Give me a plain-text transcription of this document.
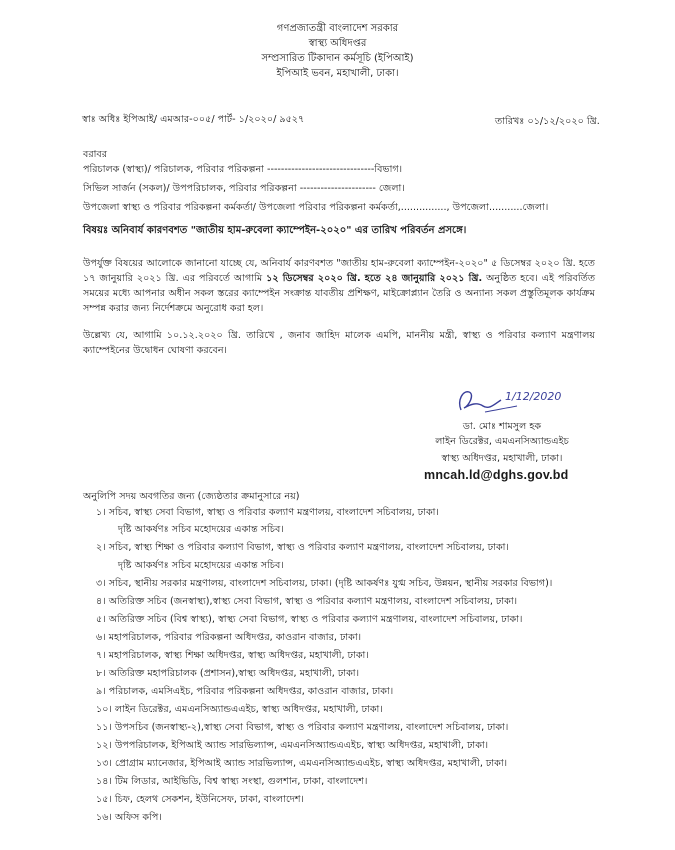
গণপ্রজাতন্ত্রী বাংলাদেশ সরকার
স্বাস্থ্য অধিদপ্তর
সম্প্রসারিত টিকাদান কর্মসূচি (ইপিআই)
ইপিআই ভবন, মহাখালী, ঢাকা।
স্বাঃ অধিঃ ইপিআই/ এমআর-০০৫/ পার্ট- ১/২০২০/ ৯৫২৭	তারিখঃ ০১/১২/২০২০ খ্রি.
বরাবর
পরিচালক (স্বাস্থ্য)/ পরিচালক, পরিবার পরিকল্পনা -------------------------------বিভাগ।
সিভিল সার্জন (সকল)/ উপপরিচালক, পরিবার পরিকল্পনা ---------------------- জেলা।
উপজেলা স্বাস্থ্য ও পরিবার পরিকল্পনা কর্মকর্তা/ উপজেলা পরিবার পরিকল্পনা কর্মকর্তা,..............., উপজেলা...........জেলা।
বিষয়ঃ অনিবার্য কারণবশত "জাতীয় হাম-রুবেলা ক্যাম্পেইন-২০২০" এর তারিখ পরিবর্তন প্রসঙ্গে।
উপর্যুক্ত বিষয়ের আলোকে জানানো যাচ্ছে যে, অনিবার্য কারণবশত "জাতীয় হাম-রুবেলা ক্যাম্পেইন-২০২০" ৫ ডিসেম্বর ২০২০ খ্রি. হতে ১৭ জানুয়ারি ২০২১ খ্রি. এর পরিবর্তে আগামি ১২ ডিসেম্বর ২০২০ খ্রি. হতে ২৪ জানুয়ারি ২০২১ খ্রি. অনুষ্ঠিত হবে। এই পরিবর্তিত সময়ের মধ্যে আপনার অধীন সকল স্তরের ক্যাম্পেইন সংক্রান্ত যাবতীয় প্রশিক্ষণ, মাইক্রোপ্ল্যান তৈরি ও অন্যান্য সকল প্রস্তুতিমূলক কার্যক্রম সম্পন্ন করার জন্য নির্দেশক্রমে অনুরোধ করা হল।
উল্লেখ্য যে, আগামি ১০.১২.২০২০ খ্রি. তারিখে , জনাব জাহিদ মালেক এমপি, মাননীয় মন্ত্রী, স্বাস্থ্য ও পরিবার কল্যাণ মন্ত্রণালয় ক্যাম্পেইনের উদ্বোধন ঘোষণা করবেন।
1/12/2020
ডা. মোঃ শামসুল হক
লাইন ডিরেক্টর, এমএনসিঅ্যান্ডএইচ
স্বাস্থ্য অধিদপ্তর, মহাখালী, ঢাকা।
mncah.ld@dghs.gov.bd
অনুলিপি সদয় অবগতির জন্য (জ্যেষ্ঠতার ক্রমানুসারে নয়)
১। সচিব, স্বাস্থ্য সেবা বিভাগ, স্বাস্থ্য ও পরিবার কল্যাণ মন্ত্রণালয়, বাংলাদেশ সচিবালয়, ঢাকা।
দৃষ্টি আকর্ষণঃ সচিব মহোদয়ের একান্ত সচিব।
২। সচিব, স্বাস্থ্য শিক্ষা ও পরিবার কল্যাণ বিভাগ, স্বাস্থ্য ও পরিবার কল্যাণ মন্ত্রণালয়, বাংলাদেশ সচিবালয়, ঢাকা।
দৃষ্টি আকর্ষণঃ সচিব মহোদয়ের একান্ত সচিব।
৩। সচিব, স্থানীয় সরকার মন্ত্রণালয়, বাংলাদেশ সচিবালয়, ঢাকা। (দৃষ্টি আকর্ষণঃ যুগ্ম সচিব, উন্নয়ন, স্থানীয় সরকার বিভাগ)।
৪। অতিরিক্ত সচিব (জনস্বাস্থ্য),স্বাস্থ্য সেবা বিভাগ, স্বাস্থ্য ও পরিবার কল্যাণ মন্ত্রণালয়, বাংলাদেশ সচিবালয়, ঢাকা।
৫। অতিরিক্ত সচিব (বিশ্ব স্বাস্থ্য), স্বাস্থ্য সেবা বিভাগ, স্বাস্থ্য ও পরিবার কল্যাণ মন্ত্রণালয়, বাংলাদেশ সচিবালয়, ঢাকা।
৬। মহাপরিচালক, পরিবার পরিকল্পনা অধিদপ্তর, কাওরান বাজার, ঢাকা।
৭। মহাপরিচালক, স্বাস্থ্য শিক্ষা অধিদপ্তর, স্বাস্থ্য অধিদপ্তর, মহাখালী, ঢাকা।
৮। অতিরিক্ত মহাপরিচালক (প্রশাসন),স্বাস্থ্য অধিদপ্তর, মহাখালী, ঢাকা।
৯। পরিচালক, এমসিএইচ, পরিবার পরিকল্পনা অধিদপ্তর, কাওরান বাজার, ঢাকা।
১০। লাইন ডিরেক্টর, এমএনসিঅ্যান্ডএএইচ, স্বাস্থ্য অধিদপ্তর, মহাখালী, ঢাকা।
১১। উপসচিব (জনস্বাস্থ্য-২),স্বাস্থ্য সেবা বিভাগ, স্বাস্থ্য ও পরিবার কল্যাণ মন্ত্রণালয়, বাংলাদেশ সচিবালয়, ঢাকা।
১২। উপপরিচালক, ইপিআই অ্যান্ড সারভিল্যান্স, এমএনসিঅ্যান্ডএএইচ, স্বাস্থ্য অধিদপ্তর, মহাখালী, ঢাকা।
১৩। প্রোগ্রাম ম্যানেজার, ইপিআই অ্যান্ড সারভিল্যান্স, এমএনসিঅ্যান্ডএএইচ, স্বাস্থ্য অধিদপ্তর, মহাখালী, ঢাকা।
১৪। টিম লিডার, আইভিডি, বিশ্ব স্বাস্থ্য সংস্থা, গুলশান, ঢাকা, বাংলাদেশ।
১৫। চিফ, হেলথ সেকশন, ইউনিসেফ, ঢাকা, বাংলাদেশ।
১৬। অফিস কপি।
